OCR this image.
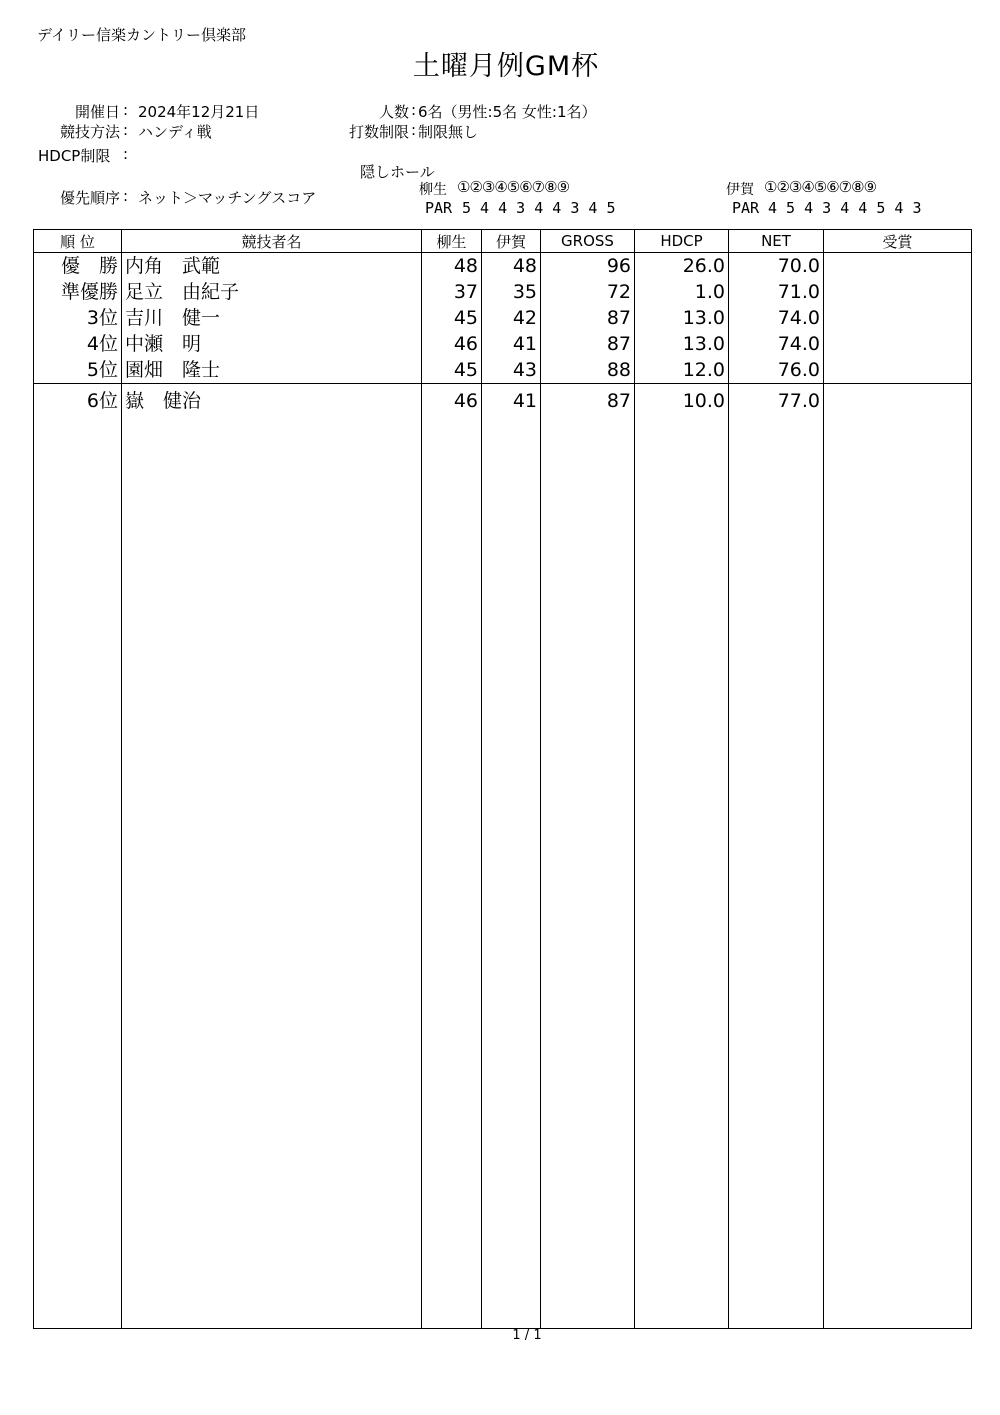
デイリー信楽カントリー倶楽部
土曜月例GM杯
開催日 : 2024年12月21日
競技方法 : ハンディ戦
HDCP制限 :
人数 : 6名（男性:5名 女性:1名）
打数制限 : 制限無し
隠しホール
優先順序 : ネット＞マッチングスコア	柳生 ①②③④⑤⑥⑦⑧⑨
PAR 5 4 4 3 4 4 3 4 5
伊賀 ①②③④⑤⑥⑦⑧⑨
PAR 4 5 4 3 4 4 5 4 3
順 位	競技者名	柳生	伊賀	GROSS	HDCP	NET	受賞
優　勝	内角　武範	48	48	96	26.0	70.0	
準優勝	足立　由紀子	37	35	72	1.0	71.0	
3位	吉川　健一	45	42	87	13.0	74.0	
4位	中瀬　明	46	41	87	13.0	74.0	
5位	園畑　隆士	45	43	88	12.0	76.0	
6位	嶽　健治	46	41	87	10.0	77.0	

1 / 1
